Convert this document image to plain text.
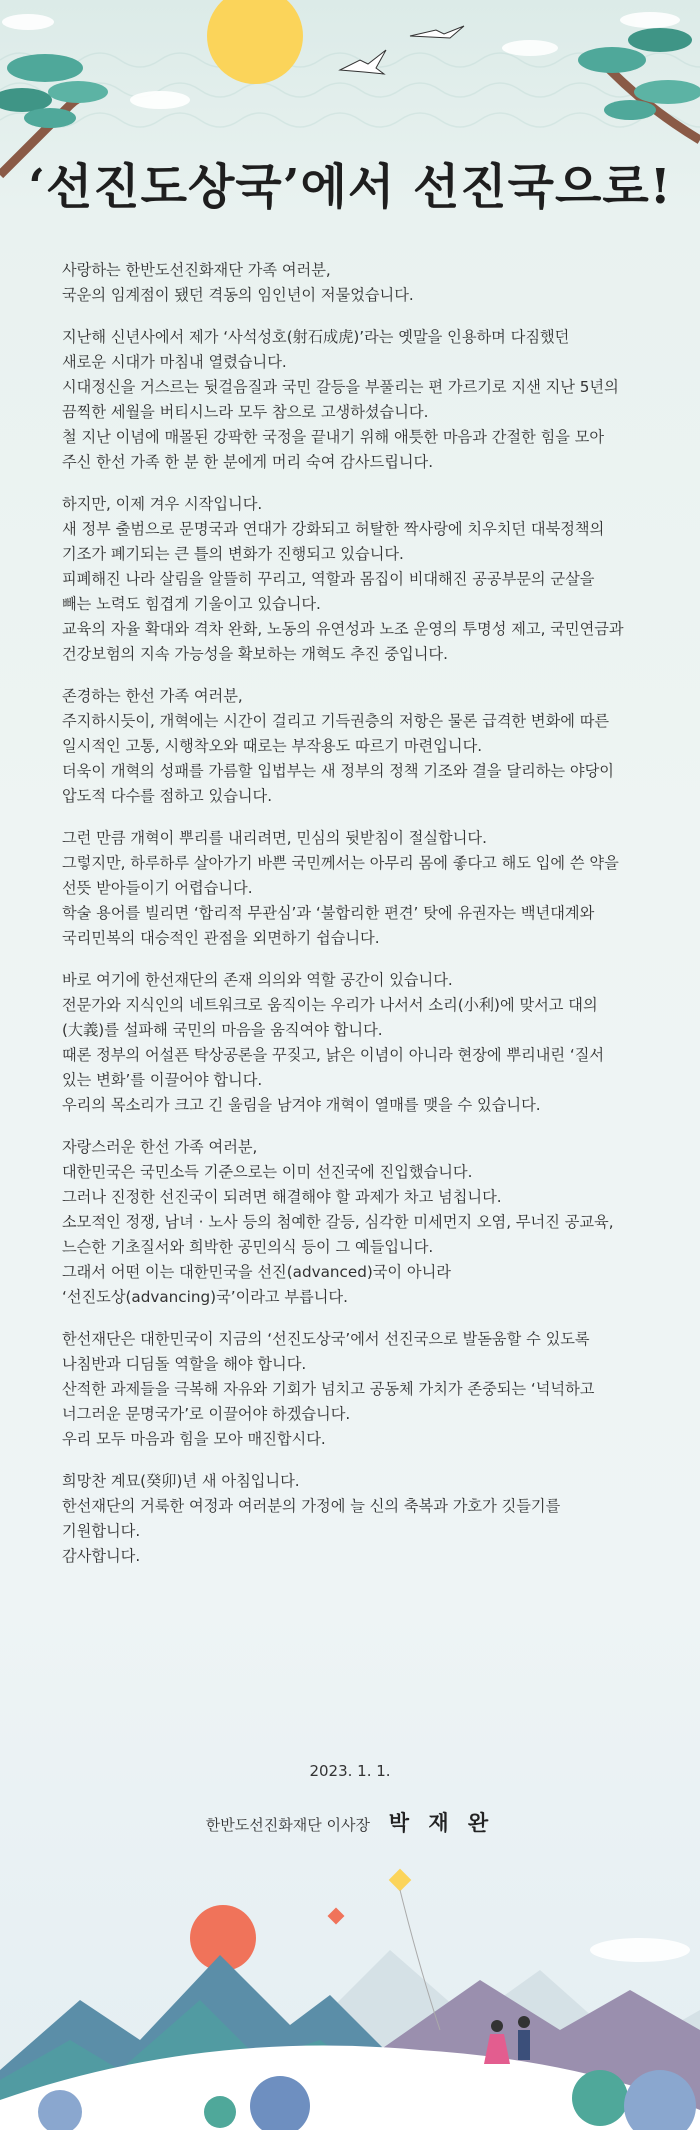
‘선진도상국’에서 선진국으로!
사랑하는 한반도선진화재단 가족 여러분,
국운의 임계점이 됐던 격동의 임인년이 저물었습니다.
지난해 신년사에서 제가 ‘사석성호(射石成虎)’라는 옛말을 인용하며 다짐했던
새로운 시대가 마침내 열렸습니다.
시대정신을 거스르는 뒷걸음질과 국민 갈등을 부풀리는 편 가르기로 지샌 지난 5년의
끔찍한 세월을 버티시느라 모두 참으로 고생하셨습니다.
철 지난 이념에 매몰된 강팍한 국정을 끝내기 위해 애틋한 마음과 간절한 힘을 모아
주신 한선 가족 한 분 한 분에게 머리 숙여 감사드립니다.
하지만, 이제 겨우 시작입니다.
새 정부 출범으로 문명국과 연대가 강화되고 허탈한 짝사랑에 치우치던 대북정책의
기조가 폐기되는 큰 틀의 변화가 진행되고 있습니다.
피폐해진 나라 살림을 알뜰히 꾸리고, 역할과 몸집이 비대해진 공공부문의 군살을
빼는 노력도 힘겹게 기울이고 있습니다.
교육의 자율 확대와 격차 완화, 노동의 유연성과 노조 운영의 투명성 제고, 국민연금과
건강보험의 지속 가능성을 확보하는 개혁도 추진 중입니다.
존경하는 한선 가족 여러분,
주지하시듯이, 개혁에는 시간이 걸리고 기득권층의 저항은 물론 급격한 변화에 따른
일시적인 고통, 시행착오와 때로는 부작용도 따르기 마련입니다.
더욱이 개혁의 성패를 가름할 입법부는 새 정부의 정책 기조와 결을 달리하는 야당이
압도적 다수를 점하고 있습니다.
그런 만큼 개혁이 뿌리를 내리려면, 민심의 뒷받침이 절실합니다.
그렇지만, 하루하루 살아가기 바쁜 국민께서는 아무리 몸에 좋다고 해도 입에 쓴 약을
선뜻 받아들이기 어렵습니다.
학술 용어를 빌리면 ‘합리적 무관심’과 ‘불합리한 편견’ 탓에 유권자는 백년대계와
국리민복의 대승적인 관점을 외면하기 쉽습니다.
바로 여기에 한선재단의 존재 의의와 역할 공간이 있습니다.
전문가와 지식인의 네트워크로 움직이는 우리가 나서서 소리(小利)에 맞서고 대의
(大義)를 설파해 국민의 마음을 움직여야 합니다.
때론 정부의 어설픈 탁상공론을 꾸짖고, 낡은 이념이 아니라 현장에 뿌리내린 ‘질서
있는 변화’를 이끌어야 합니다.
우리의 목소리가 크고 긴 울림을 남겨야 개혁이 열매를 맺을 수 있습니다.
자랑스러운 한선 가족 여러분,
대한민국은 국민소득 기준으로는 이미 선진국에 진입했습니다.
그러나 진정한 선진국이 되려면 해결해야 할 과제가 차고 넘칩니다.
소모적인 정쟁, 남녀 · 노사 등의 첨예한 갈등, 심각한 미세먼지 오염, 무너진 공교육,
느슨한 기초질서와 희박한 공민의식 등이 그 예들입니다.
그래서 어떤 이는 대한민국을 선진(advanced)국이 아니라
‘선진도상(advancing)국’이라고 부릅니다.
한선재단은 대한민국이 지금의 ‘선진도상국’에서 선진국으로 발돋움할 수 있도록
나침반과 디딤돌 역할을 해야 합니다.
산적한 과제들을 극복해 자유와 기회가 넘치고 공동체 가치가 존중되는 ‘넉넉하고
너그러운 문명국가’로 이끌어야 하겠습니다.
우리 모두 마음과 힘을 모아 매진합시다.
희망찬 계묘(癸卯)년 새 아침입니다.
한선재단의 거룩한 여정과 여러분의 가정에 늘 신의 축복과 가호가 깃들기를
기원합니다.
감사합니다.
2023. 1. 1.
한반도선진화재단 이사장 박 재 완
